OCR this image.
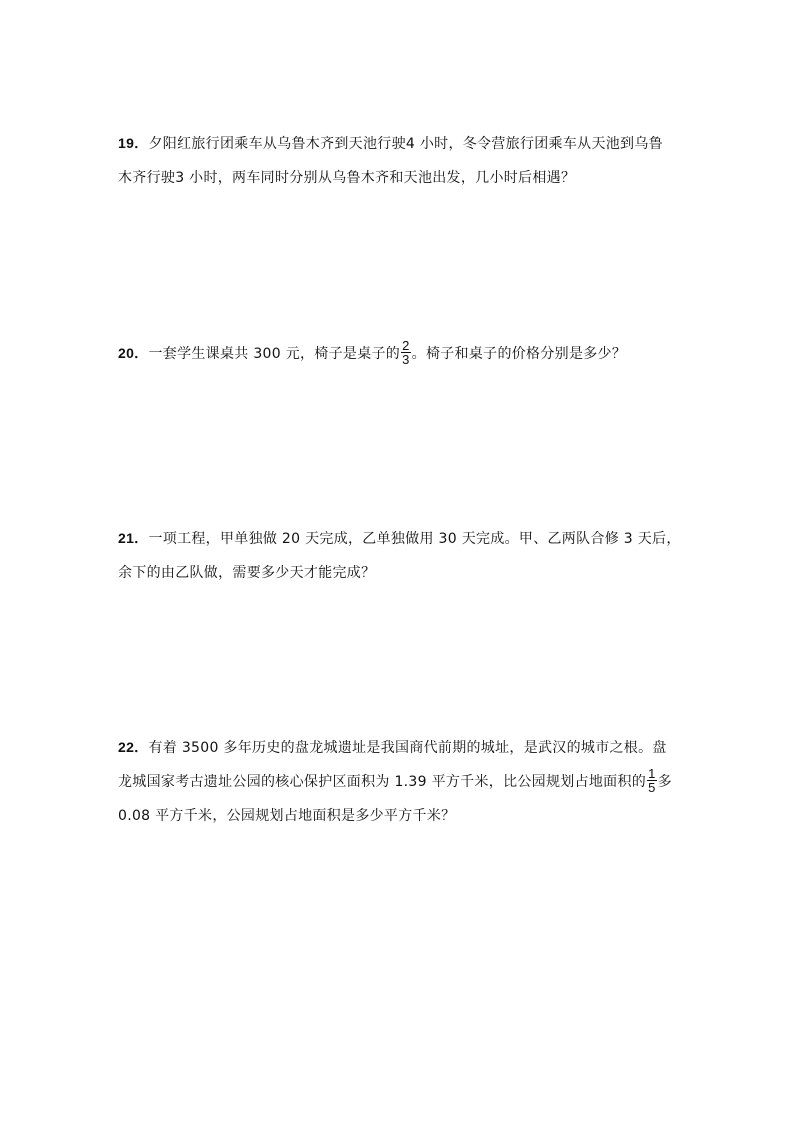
19．夕阳红旅行团乘车从乌鲁木齐到天池行驶4 小时，冬令营旅行团乘车从天池到乌鲁
木齐行驶3 小时，两车同时分别从乌鲁木齐和天池出发，几小时后相遇？
20．一套学生课桌共 300 元，椅子是桌子的 $\frac{2}{3}$ 。椅子和桌子的价格分别是多少？
21．一项工程，甲单独做 20 天完成，乙单独做用 30 天完成。甲、乙两队合修 3 天后，
余下的由乙队做，需要多少天才能完成？
22．有着 3500 多年历史的盘龙城遗址是我国商代前期的城址，是武汉的城市之根。盘
龙城国家考古遗址公园的核心保护区面积为 1.39 平方千米，比公园规划占地面积的 $\frac{1}{5}$ 多
0.08 平方千米，公园规划占地面积是多少平方千米？
